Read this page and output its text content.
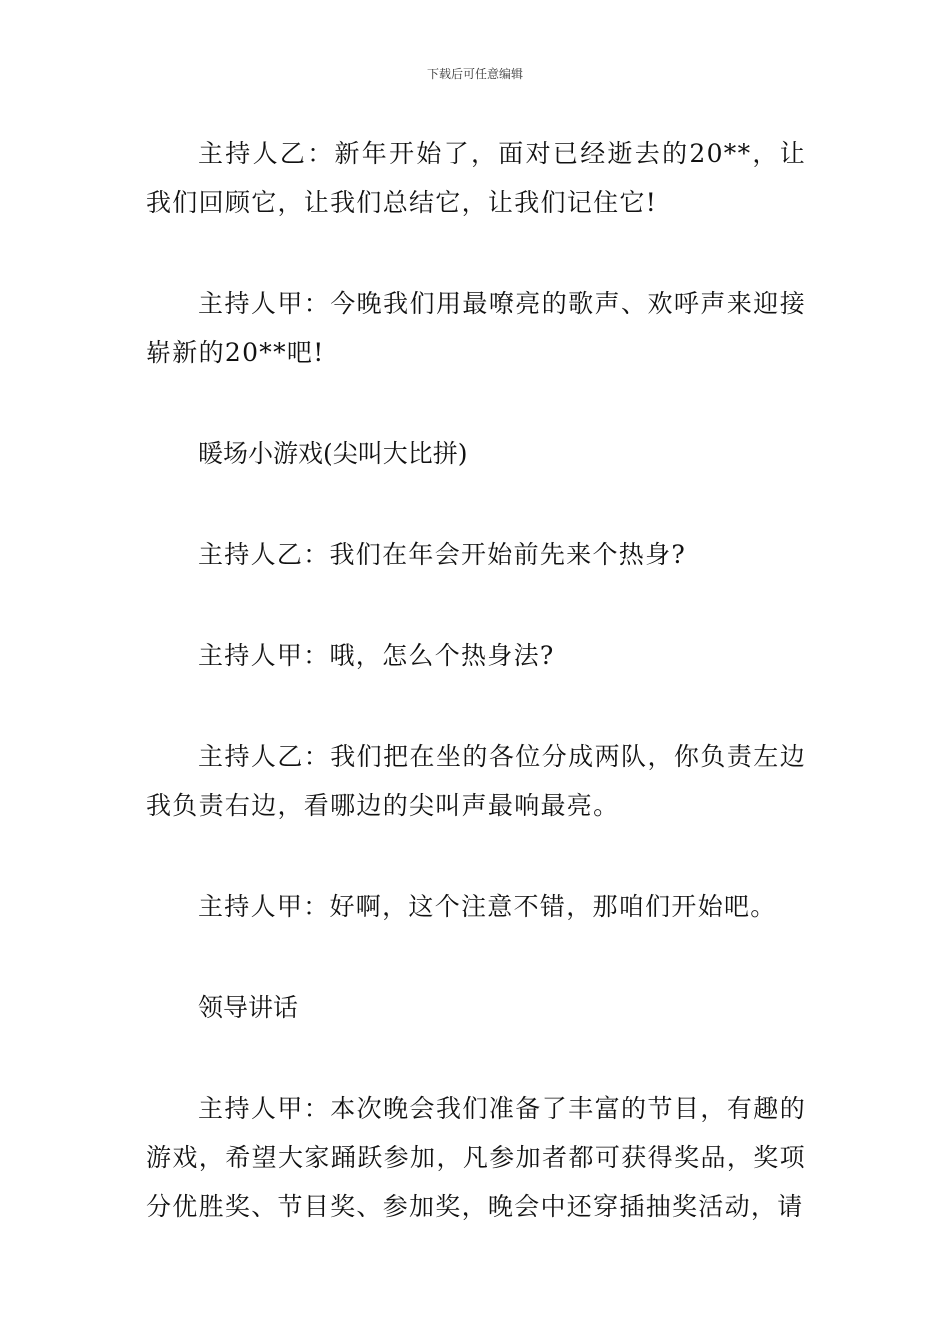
下载后可任意编辑

主持人乙：新年开始了，面对已经逝去的20**，让我们回顾它，让我们总结它，让我们记住它!

主持人甲：今晚我们用最嘹亮的歌声、欢呼声来迎接崭新的20**吧!

暖场小游戏(尖叫大比拼)

主持人乙：我们在年会开始前先来个热身?

主持人甲：哦，怎么个热身法?

主持人乙：我们把在坐的各位分成两队，你负责左边我负责右边，看哪边的尖叫声最响最亮。

主持人甲：好啊，这个注意不错，那咱们开始吧。

领导讲话

主持人甲：本次晚会我们准备了丰富的节目，有趣的游戏，希望大家踊跃参加，凡参加者都可获得奖品，奖项分优胜奖、节目奖、参加奖，晚会中还穿插抽奖活动，请
